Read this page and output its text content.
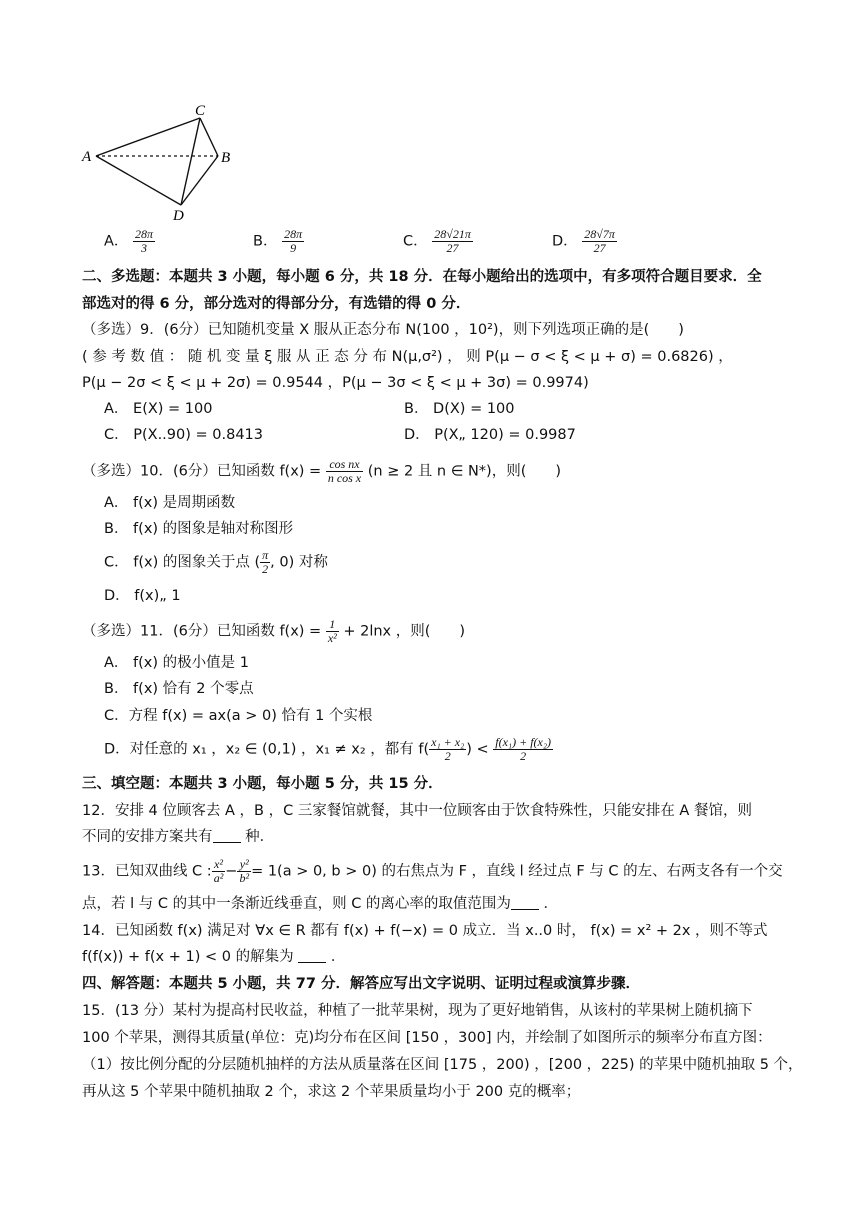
A	B
C
D
A． $\frac{28\pi}{3}$	B． $\frac{28\pi}{9}$	C． $\frac{28√21\pi}{27}$	D． $\frac{28√7\pi}{27}$
二、多选题：本题共 3 小题，每小题 6 分，共 18 分．在每小题给出的选项中，有多项符合题目要求．全
部选对的得 6 分，部分选对的得部分分，有选错的得 0 分．
（多选）9．(6分）已知随机变量 X 服从正态分布 N(100 ，10²)，则下列选项正确的是(　　)
( 参 考 数 值 ： 随 机 变 量 ξ 服 从 正 态 分 布 N(μ,σ²) ， 则 P(μ − σ < ξ < μ + σ) = 0.6826) ，
P(μ − 2σ < ξ < μ + 2σ) = 0.9544 ，P(μ − 3σ < ξ < μ + 3σ) = 0.9974)
A． E(X) = 100	B． D(X) = 100
C． P(X..90) = 0.8413	D． P(X„ 120) = 0.9987
（多选）10．(6分）已知函数 $f(x) = \frac{\text{cos nx}}{\text{n cos x}} (n \ge 2$ 且 n ∈ N*)，则(　　)
A． f(x) 是周期函数
B． f(x) 的图象是轴对称图形
C． f(x) 的图象关于点 ( $\frac{\pi}{2}$ , 0) 对称
D． f(x)„ 1
（多选）11．(6分）已知函数 $f(x) = \frac{1}{\text{x²}} + 2\ln x$ ，则(　　)
A． f(x) 的极小值是 1
B． f(x) 恰有 2 个零点
C．方程 f(x) = ax(a > 0) 恰有 1 个实根
D．对任意的 x₁ ，x₂ ∈ (0,1) ，x₁ ≠ x₂ ，都有 $f( \frac{\text{x₁ + x₂}}{2}$ ) < $\frac{\text{f(x₁) + f(x₂)}}{2}$
三、填空题：本题共 3 小题，每小题 5 分，共 15 分．
12．安排 4 位顾客去 A ，B ，C 三家餐馆就餐，其中一位顾客由于饮食特殊性，只能安排在 A 餐馆，则
不同的安排方案共有 种．
13．已知双曲线 C : $\frac{\text{x²}}{\text{a²}} - \frac{\text{y²}}{\text{b²}} = 1(a > 0$, b > 0) 的右焦点为 F ，直线 l 经过点 F 与 C 的左、右两支各有一个交
点，若 l 与 C 的其中一条渐近线垂直，则 C 的离心率的取值范围为 ．
14．已知函数 f(x) 满足对 ∀x ∈ R 都有 f(x) + f(−x) = 0 成立．当 x..0 时， f(x) = x² + 2x ，则不等式
f(f(x)) + f(x + 1) < 0 的解集为	．
四、解答题：本题共 5 小题，共 77 分．解答应写出文字说明、证明过程或演算步骤．
15．(13 分）某村为提高村民收益，种植了一批苹果树，现为了更好地销售，从该村的苹果树上随机摘下
100 个苹果，测得其质量(单位：克)均分布在区间 [150 ，300] 内，并绘制了如图所示的频率分布直方图：
（1）按比例分配的分层随机抽样的方法从质量落在区间 [175 ，200) ，[200 ，225) 的苹果中随机抽取 5 个，
再从这 5 个苹果中随机抽取 2 个，求这 2 个苹果质量均小于 200 克的概率；
